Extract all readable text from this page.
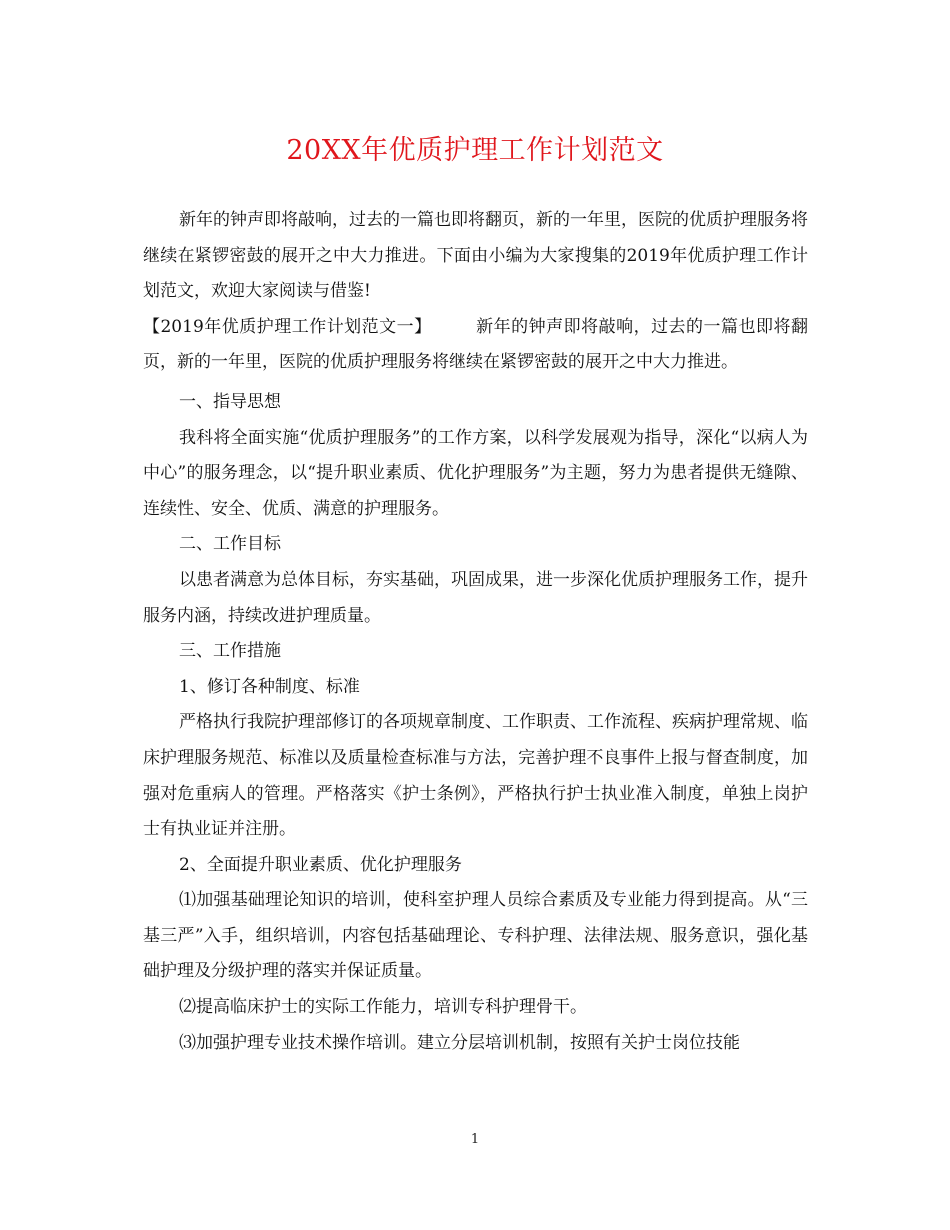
20XX年优质护理工作计划范文

新年的钟声即将敲响，过去的一篇也即将翻页，新的一年里，医院的优质护理服务将继续在紧锣密鼓的展开之中大力推进。下面由小编为大家搜集的2019年优质护理工作计划范文，欢迎大家阅读与借鉴!

【2019年优质护理工作计划范文一】	新年的钟声即将敲响，过去的一篇也即将翻页，新的一年里，医院的优质护理服务将继续在紧锣密鼓的展开之中大力推进。

一、指导思想

我科将全面实施“优质护理服务”的工作方案，以科学发展观为指导，深化“以病人为中心”的服务理念，以“提升职业素质、优化护理服务”为主题，努力为患者提供无缝隙、连续性、安全、优质、满意的护理服务。

二、工作目标

以患者满意为总体目标，夯实基础，巩固成果，进一步深化优质护理服务工作，提升服务内涵，持续改进护理质量。

三、工作措施

1、修订各种制度、标准

严格执行我院护理部修订的各项规章制度、工作职责、工作流程、疾病护理常规、临床护理服务规范、标准以及质量检查标准与方法，完善护理不良事件上报与督查制度，加强对危重病人的管理。严格落实《护士条例》，严格执行护士执业准入制度，单独上岗护士有执业证并注册。

2、全面提升职业素质、优化护理服务

⑴加强基础理论知识的培训，使科室护理人员综合素质及专业能力得到提高。从“三基三严”入手，组织培训，内容包括基础理论、专科护理、法律法规、服务意识，强化基础护理及分级护理的落实并保证质量。

⑵提高临床护士的实际工作能力，培训专科护理骨干。

⑶加强护理专业技术操作培训。建立分层培训机制，按照有关护士岗位技能

1
